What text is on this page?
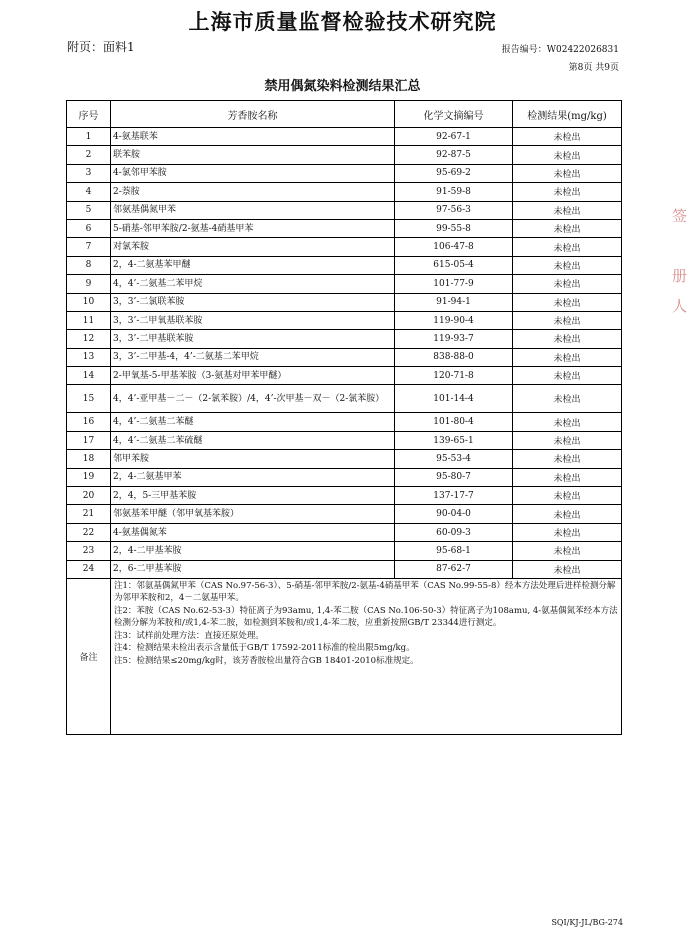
上海市质量监督检验技术研究院
附页：面料1	报告编号：W02422026831
第8页 共9页
禁用偶氮染料检测结果汇总
签
册
人
序号	芳香胺名称	化学文摘编号	检测结果(mg/kg)
1	4-氨基联苯	92-67-1	未检出
2	联苯胺	92-87-5	未检出
3	4-氯邻甲苯胺	95-69-2	未检出
4	2-萘胺	91-59-8	未检出
5	邻氨基偶氮甲苯	97-56-3	未检出
6	5-硝基-邻甲苯胺/2-氨基-4硝基甲苯	99-55-8	未检出
7	对氯苯胺	106-47-8	未检出
8	2，4-二氨基苯甲醚	615-05-4	未检出
9	4，4’-二氨基二苯甲烷	101-77-9	未检出
10	3，3’-二氯联苯胺	91-94-1	未检出
11	3，3’-二甲氧基联苯胺	119-90-4	未检出
12	3，3’-二甲基联苯胺	119-93-7	未检出
13	3，3’-二甲基-4，4’-二氨基二苯甲烷	838-88-0	未检出
14	2-甲氧基-5-甲基苯胺（3-氨基对甲苯甲醚）	120-71-8	未检出
15	4，4’-亚甲基－二－（2-氯苯胺）/4，4’-次甲基－双－（2-氯苯胺）	101-14-4	未检出
16	4，4’-二氨基二苯醚	101-80-4	未检出
17	4，4’-二氨基二苯硫醚	139-65-1	未检出
18	邻甲苯胺	95-53-4	未检出
19	2，4-二氨基甲苯	95-80-7	未检出
20	2，4，5-三甲基苯胺	137-17-7	未检出
21	邻氨基苯甲醚（邻甲氧基苯胺）	90-04-0	未检出
22	4-氨基偶氮苯	60-09-3	未检出
23	2，4-二甲基苯胺	95-68-1	未检出
24	2，6-二甲基苯胺	87-62-7	未检出
备注	注1：邻氨基偶氮甲苯（CAS No.97-56-3）、5-硝基-邻甲苯胺/2-氨基-4硝基甲苯（CAS No.99-55-8）经本方法处理后进样检测分解为邻甲苯胺和2，4－二氨基甲苯。
注2：苯胺（CAS No.62-53-3）特征离子为93amu, 1,4-苯二胺（CAS No.106-50-3）特征离子为108amu, 4-氨基偶氮苯经本方法检测分解为苯胺和/或1,4-苯二胺，如检测到苯胺和/或1,4-苯二胺，应重新按照GB/T 23344进行测定。
注3：试样前处理方法：直接还原处理。
注4：检测结果未检出表示含量低于GB/T 17592-2011标准的检出限5mg/kg。
注5：检测结果≤20mg/kg时，该芳香胺检出量符合GB 18401-2010标准规定。		
SQI/KJ-JL/BG-274
